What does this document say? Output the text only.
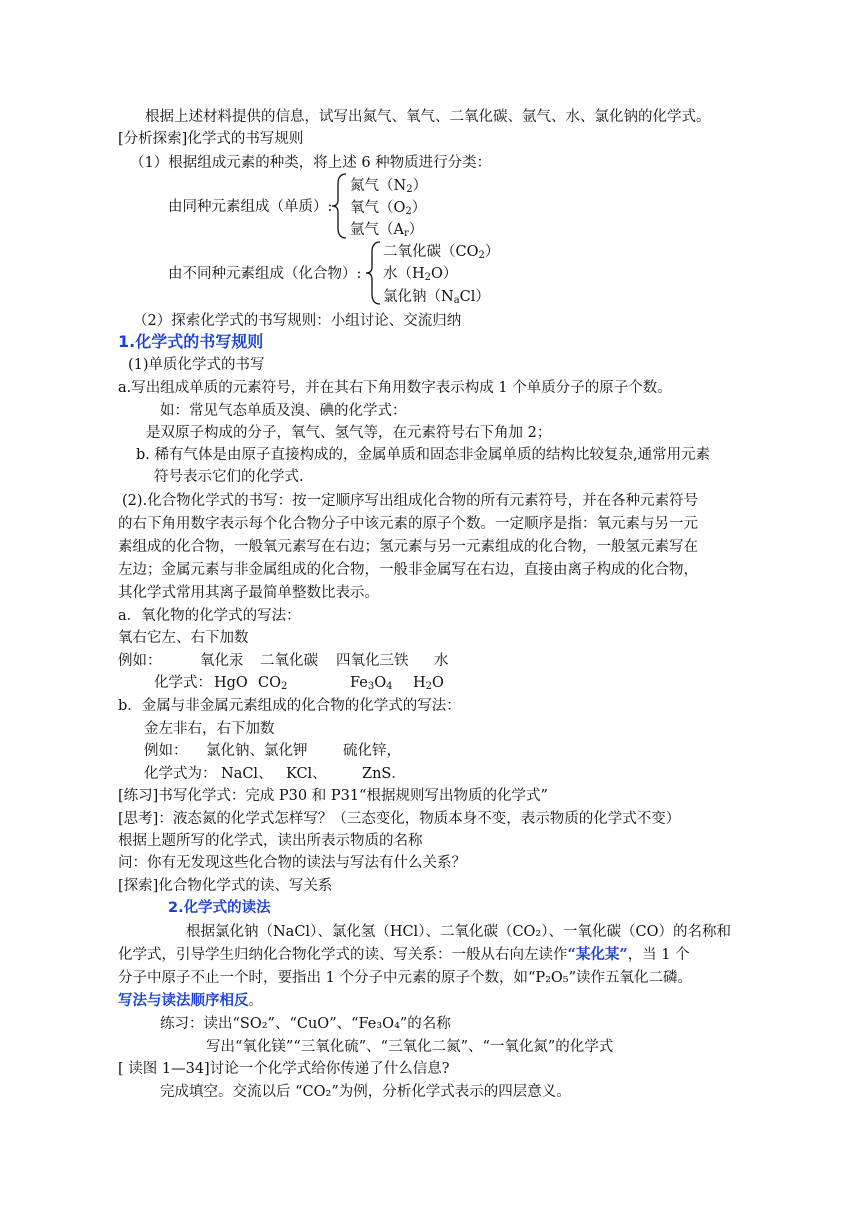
根据上述材料提供的信息，试写出氮气、氧气、二氧化碳、氩气、水、氯化钠的化学式。
[分析探索]化学式的书写规则
（1）根据组成元素的种类，将上述 6 种物质进行分类：
由同种元素组成（单质）:
氮气$(N_2)$
氧气$(O_2)$
氩气$(A_r)$
由不同种元素组成（化合物）:
二氧化碳$(CO_2)$
水$(H_2O)$
氯化钠$(N_aCl)$
（2）探索化学式的书写规则：小组讨论、交流归纳
1.化学式的书写规则
(1)单质化学式的书写
a.写出组成单质的元素符号，并在其右下角用数字表示构成 1 个单质分子的原子个数。
如：常见气态单质及溴、碘的化学式：
是双原子构成的分子，氧气、氢气等，在元素符号右下角加 2；
b. 稀有气体是由原子直接构成的，金属单质和固态非金属单质的结构比较复杂,通常用元素
符号表示它们的化学式.
(2).化合物化学式的书写：按一定顺序写出组成化合物的所有元素符号，并在各种元素符号
的右下角用数字表示每个化合物分子中该元素的原子个数。一定顺序是指：氧元素与另一元
素组成的化合物，一般氧元素写在右边；氢元素与另一元素组成的化合物，一般氢元素写在
左边；金属元素与非金属组成的化合物，一般非金属写在右边，直接由离子构成的化合物，
其化学式常用其离子最简单整数比表示。
a．氧化物的化学式的写法：
氧右它左、右下加数
例如：	氧化汞 二氧化碳 四氧化三铁 水
化学式： HgO $CO_2$	$Fe_3O_4$ $H_2O$
b．金属与非金属元素组成的化合物的化学式的写法：
金左非右，右下加数
例如： 氯化钠、氯化钾 硫化锌，
化学式为： NaCl、 KCl、 ZnS．
[练习]书写化学式：完成 P30 和 P31“根据规则写出物质的化学式”
[思考]：液态氮的化学式怎样写？（三态变化，物质本身不变，表示物质的化学式不变）
根据上题所写的化学式，读出所表示物质的名称
问：你有无发现这些化合物的读法与写法有什么关系？
[探索]化合物化学式的读、写关系
2.化学式的读法
根据氯化钠（NaCl）、氯化氢（HCl）、二氧化碳（CO₂）、一氧化碳（CO）的名称和
化学式，引导学生归纳化合物化学式的读、写关系：一般从右向左读作“某化某”，当 1 个
分子中原子不止一个时，要指出 1 个分子中元素的原子个数，如“P₂O₅”读作五氧化二磷。
写法与读法顺序相反。
练习：读出“SO₂”、“CuO”、“Fe₃O₄”的名称
写出“氧化镁”“三氧化硫”、“三氧化二氮”、“一氧化氮”的化学式
[ 读图 1—34]讨论一个化学式给你传递了什么信息?
完成填空。交流以后 “CO₂”为例，分析化学式表示的四层意义。
